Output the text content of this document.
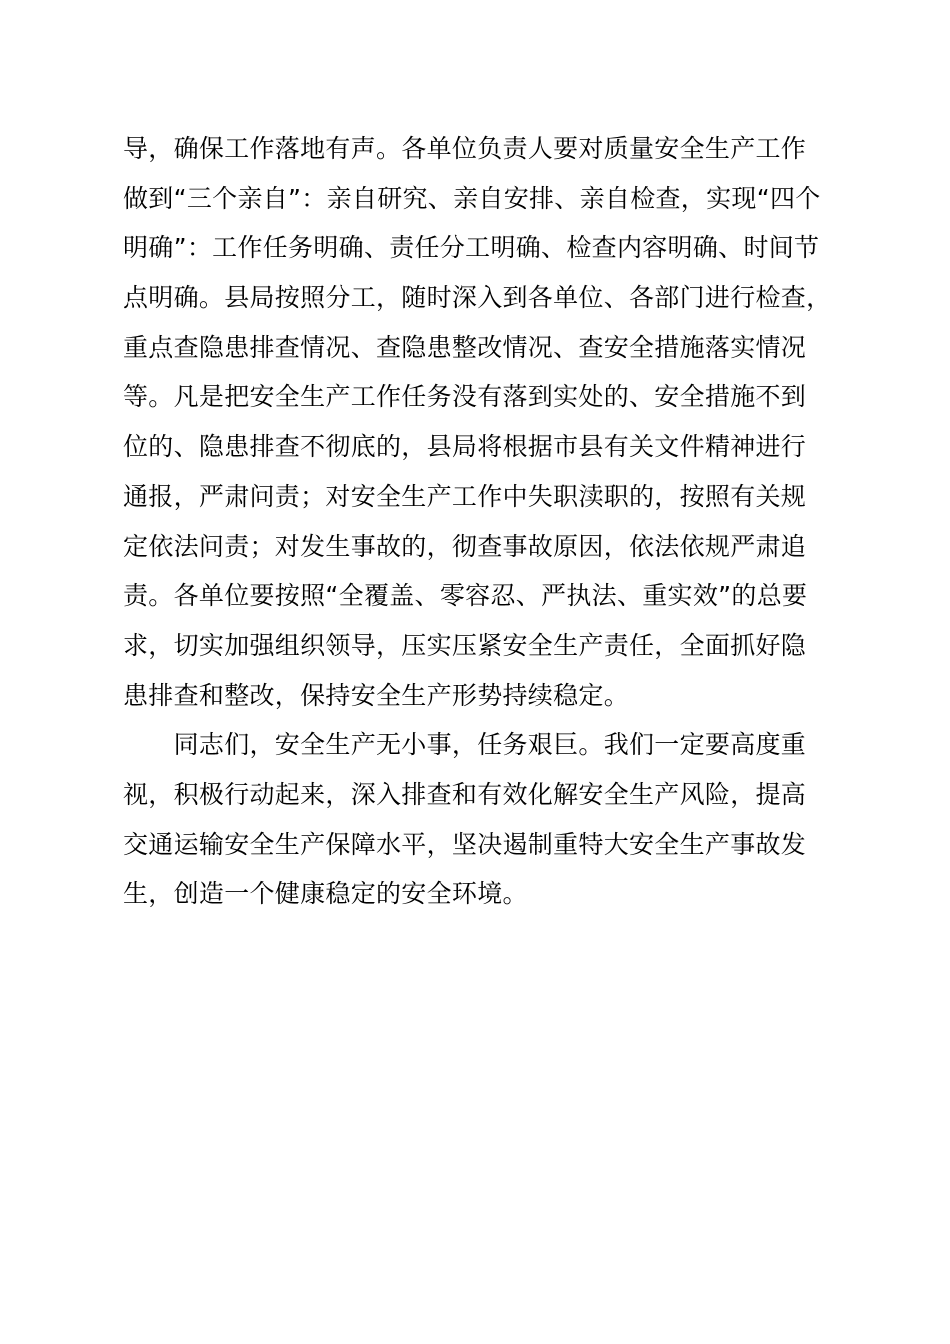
导，确保工作落地有声。各单位负责人要对质量安全生产工作
做到“三个亲自”：亲自研究、亲自安排、亲自检查，实现“四个
明确”：工作任务明确、责任分工明确、检查内容明确、时间节
点明确。县局按照分工，随时深入到各单位、各部门进行检查，
重点查隐患排查情况、查隐患整改情况、查安全措施落实情况
等。凡是把安全生产工作任务没有落到实处的、安全措施不到
位的、隐患排查不彻底的，县局将根据市县有关文件精神进行
通报，严肃问责；对安全生产工作中失职渎职的，按照有关规
定依法问责；对发生事故的，彻查事故原因，依法依规严肃追
责。各单位要按照“全覆盖、零容忍、严执法、重实效”的总要
求，切实加强组织领导，压实压紧安全生产责任，全面抓好隐
患排查和整改，保持安全生产形势持续稳定。
　　同志们，安全生产无小事，任务艰巨。我们一定要高度重
视，积极行动起来，深入排查和有效化解安全生产风险，提高
交通运输安全生产保障水平，坚决遏制重特大安全生产事故发
生，创造一个健康稳定的安全环境。
